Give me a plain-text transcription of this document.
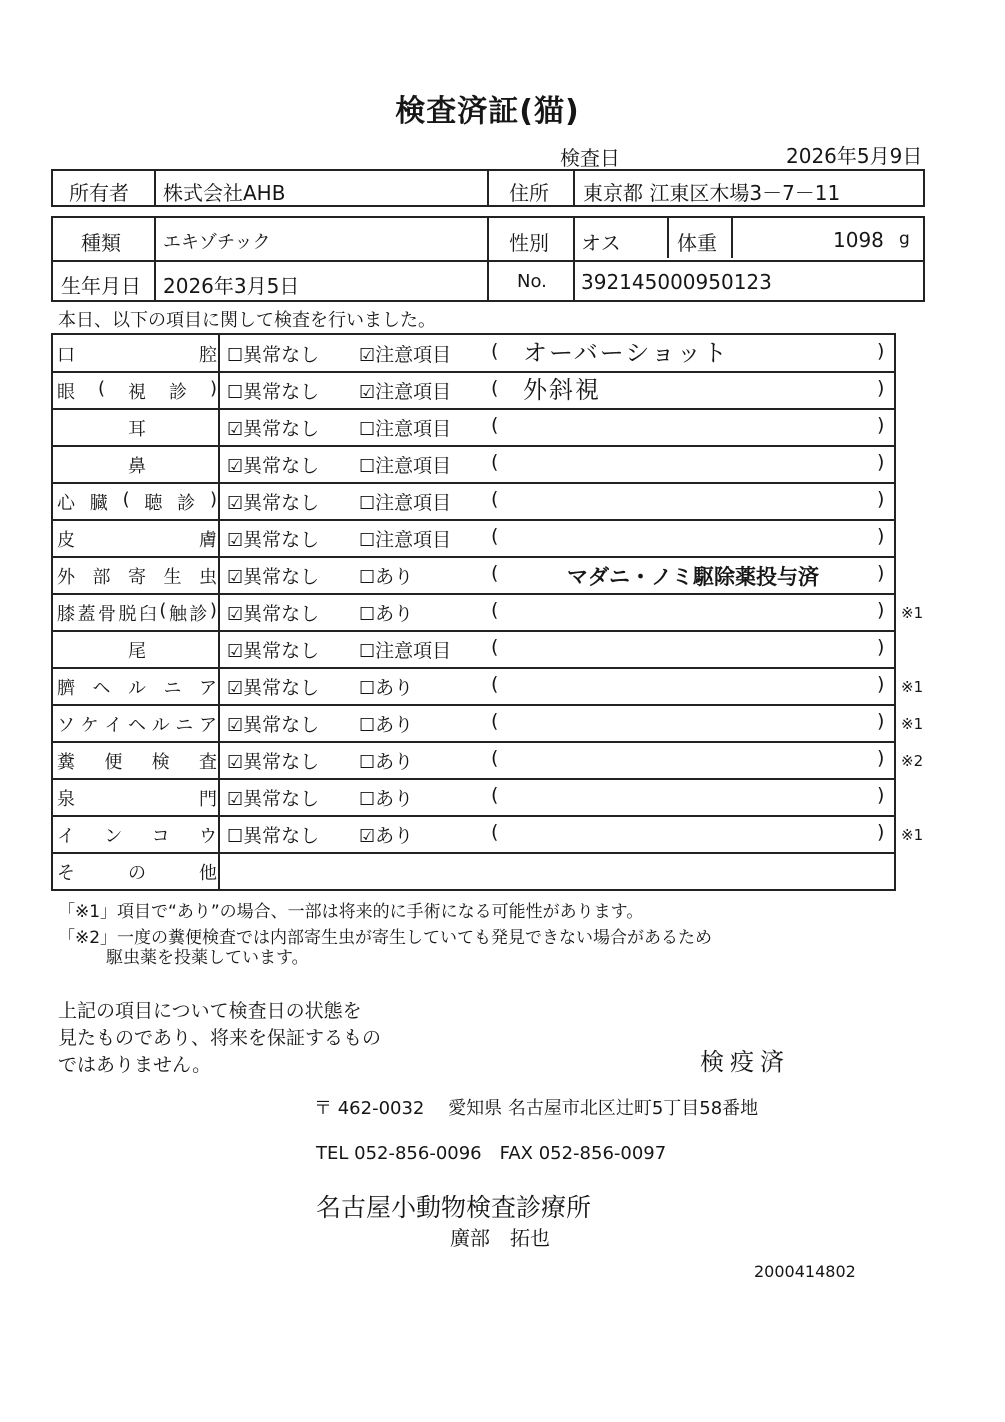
検査済証(猫)
検査日	2026年5月9日
所有者 株式会社AHB	住所 東京都 江東区木場3－7－11
種類 エキゾチック	性別 オス	体重	1098 g
生年月日 2026年3月5日	No. 392145000950123
本日、以下の項目に関して検査を行いました。
口	腔 ☐異常なし ☑注意項目 ( オーバーショット	)
眼 ( 視 診 ) ☐異常なし ☑注意項目 ( 外斜視	)
耳	☑異常なし ☐注意項目 (	)
鼻	☑異常なし ☐注意項目 (	)
心 臓 ( 聴 診 ) ☑異常なし ☐注意項目 (	)
皮	膚 ☑異常なし ☐注意項目 (	)
外 部 寄 生 虫 ☑異常なし ☐あり	(	マダニ・ノミ駆除薬投与済	)
膝 蓋 骨 脱 臼 ( 触 診 ) ☑異常なし ☐あり	(	) ※1
尾	☑異常なし ☐注意項目 (	)
臍 ヘ ル ニ ア ☑異常なし ☐あり	(	) ※1
ソ ケ イ ヘ ル ニ ア ☑異常なし ☐あり	(	) ※1
糞 便 検 査 ☑異常なし ☐あり	(	) ※2
泉	門 ☑異常なし ☐あり	(	)
イ ン コ ウ ☐異常なし ☑あり	(	) ※1
そ	の	他
「※1」項目で“あり”の場合、一部は将来的に手術になる可能性があります。
「※2」一度の糞便検査では内部寄生虫が寄生していても発見できない場合があるため
駆虫薬を投薬しています。
上記の項目について検査日の状態を
見たものであり、将来を保証するもの
ではありません。	検疫済
〒 462-0032　 愛知県 名古屋市北区辻町5丁目58番地
TEL 052-856-0096　FAX 052-856-0097
名古屋小動物検査診療所
廣部　拓也
2000414802
